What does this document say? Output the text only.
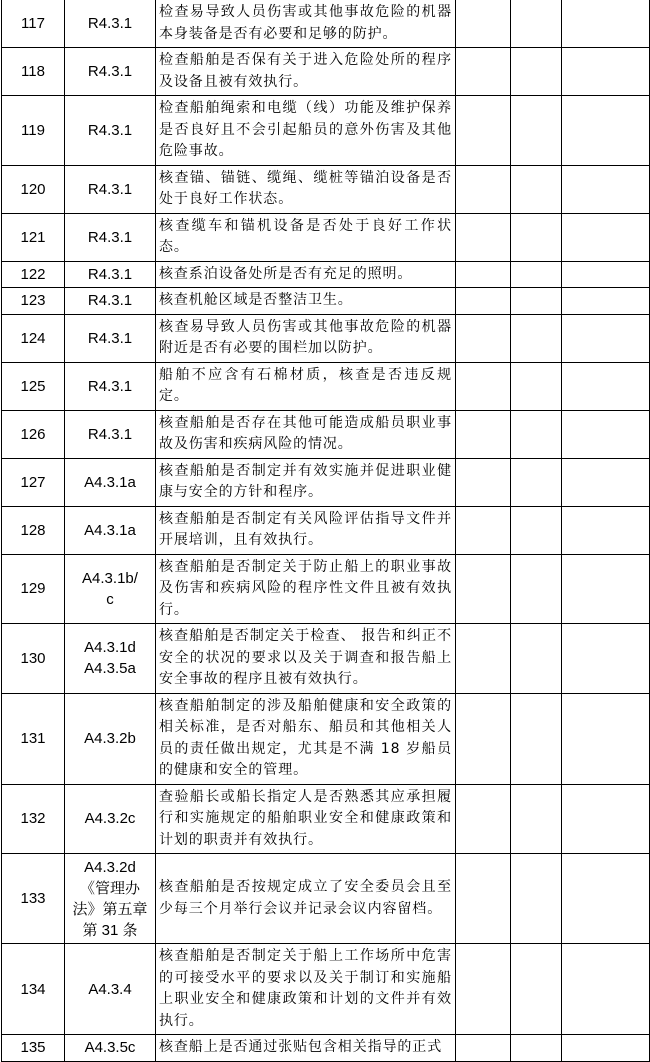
117	R4.3.1	检查易导致人员伤害或其他事故危险的机器本身装备是否有必要和足够的防护。			
118	R4.3.1	检查船舶是否保有关于进入危险处所的程序及设备且被有效执行。			
119	R4.3.1	检查船舶绳索和电缆（线）功能及维护保养是否良好且不会引起船员的意外伤害及其他危险事故。			
120	R4.3.1	核查锚、锚链、缆绳、缆桩等锚泊设备是否处于良好工作状态。			
121	R4.3.1	核查缆车和锚机设备是否处于良好工作状态。			
122	R4.3.1	核查系泊设备处所是否有充足的照明。			
123	R4.3.1	核查机舱区域是否整洁卫生。			
124	R4.3.1	核查易导致人员伤害或其他事故危险的机器附近是否有必要的围栏加以防护。			
125	R4.3.1	船舶不应含有石棉材质，核查是否违反规定。			
126	R4.3.1	核查船舶是否存在其他可能造成船员职业事故及伤害和疾病风险的情况。			
127	A4.3.1a	核查船舶是否制定并有效实施并促进职业健康与安全的方针和程序。			
128	A4.3.1a	核查船舶是否制定有关风险评估指导文件并开展培训，且有效执行。			
129	A4.3.1b/
c	核查船舶是否制定关于防止船上的职业事故及伤害和疾病风险的程序性文件且被有效执行。			
130	A4.3.1d
A4.3.5a	核查船舶是否制定关于检查、 报告和纠正不安全的状况的要求以及关于调查和报告船上安全事故的程序且被有效执行。			
131	A4.3.2b	核查船舶制定的涉及船舶健康和安全政策的相关标准，是否对船东、船员和其他相关人员的责任做出规定，尤其是不满 18 岁船员的健康和安全的管理。			
132	A4.3.2c	查验船长或船长指定人是否熟悉其应承担履行和实施规定的船舶职业安全和健康政策和计划的职责并有效执行。			
133	A4.3.2d
《管理办
法》第五章
第 31 条	核查船舶是否按规定成立了安全委员会且至少每三个月举行会议并记录会议内容留档。			
134	A4.3.4	核查船舶是否制定关于船上工作场所中危害的可接受水平的要求以及关于制订和实施船上职业安全和健康政策和计划的文件并有效执行。			
135	A4.3.5c	核查船上是否通过张贴包含相关指导的正式			
